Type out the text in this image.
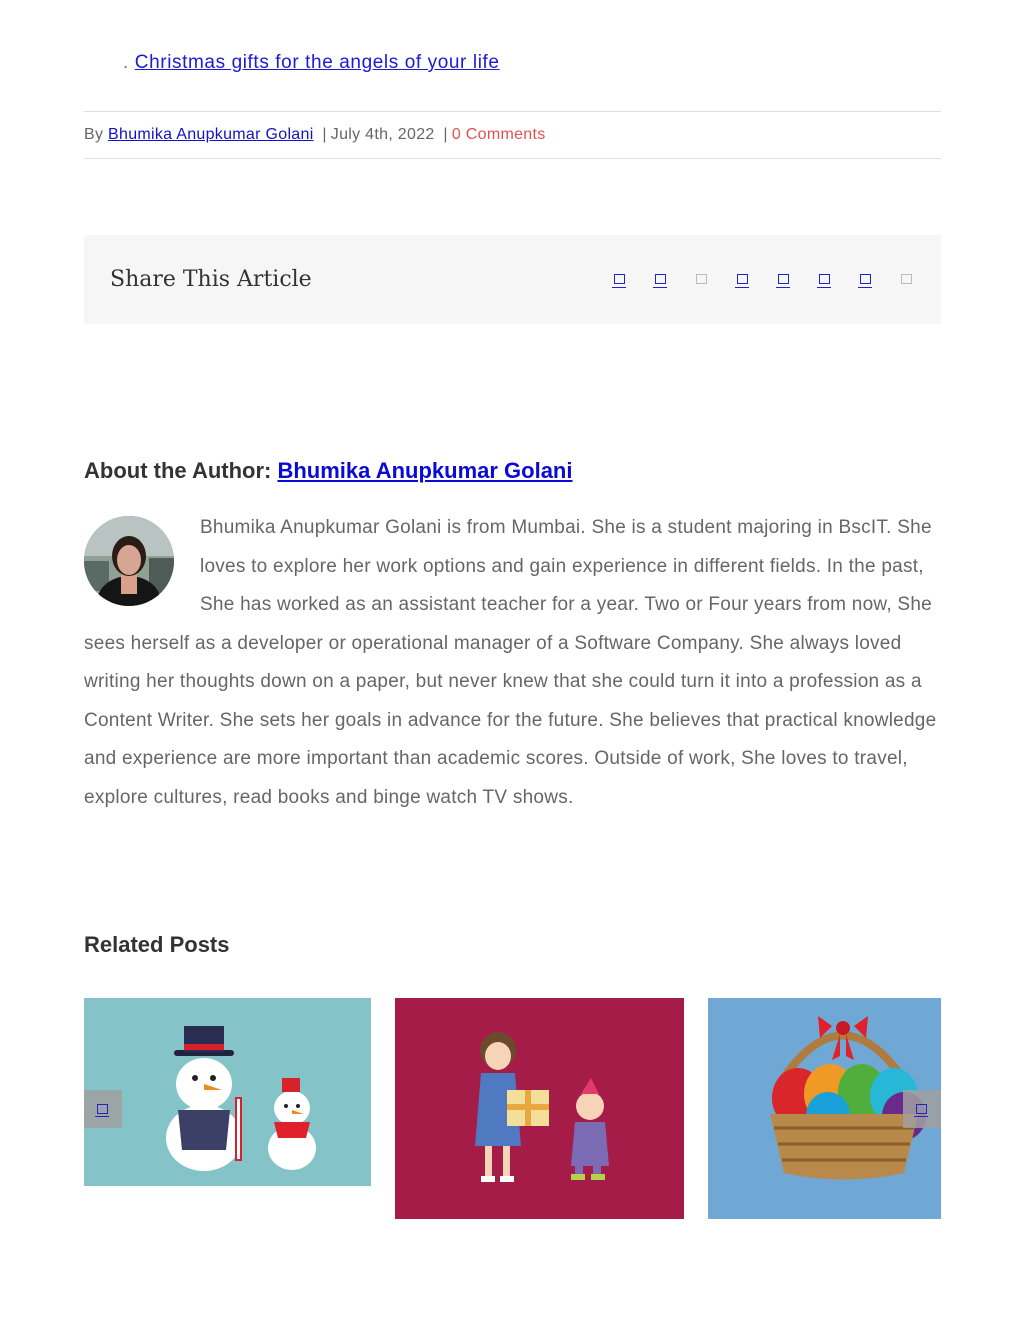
. Christmas gifts for the angels of your life
By Bhumika Anupkumar Golani | July 4th, 2022 | 0 Comments
Share This Article
About the Author: Bhumika Anupkumar Golani
Bhumika Anupkumar Golani is from Mumbai. She is a student majoring in BscIT. She loves to explore her work options and gain experience in different fields. In the past, She has worked as an assistant teacher for a year. Two or Four years from now, She sees herself as a developer or operational manager of a Software Company. She always loved writing her thoughts down on a paper, but never knew that she could turn it into a profession as a Content Writer. She sets her goals in advance for the future. She believes that practical knowledge and experience are more important than academic scores. Outside of work, She loves to travel, explore cultures, read books and binge watch TV shows.
Related Posts
